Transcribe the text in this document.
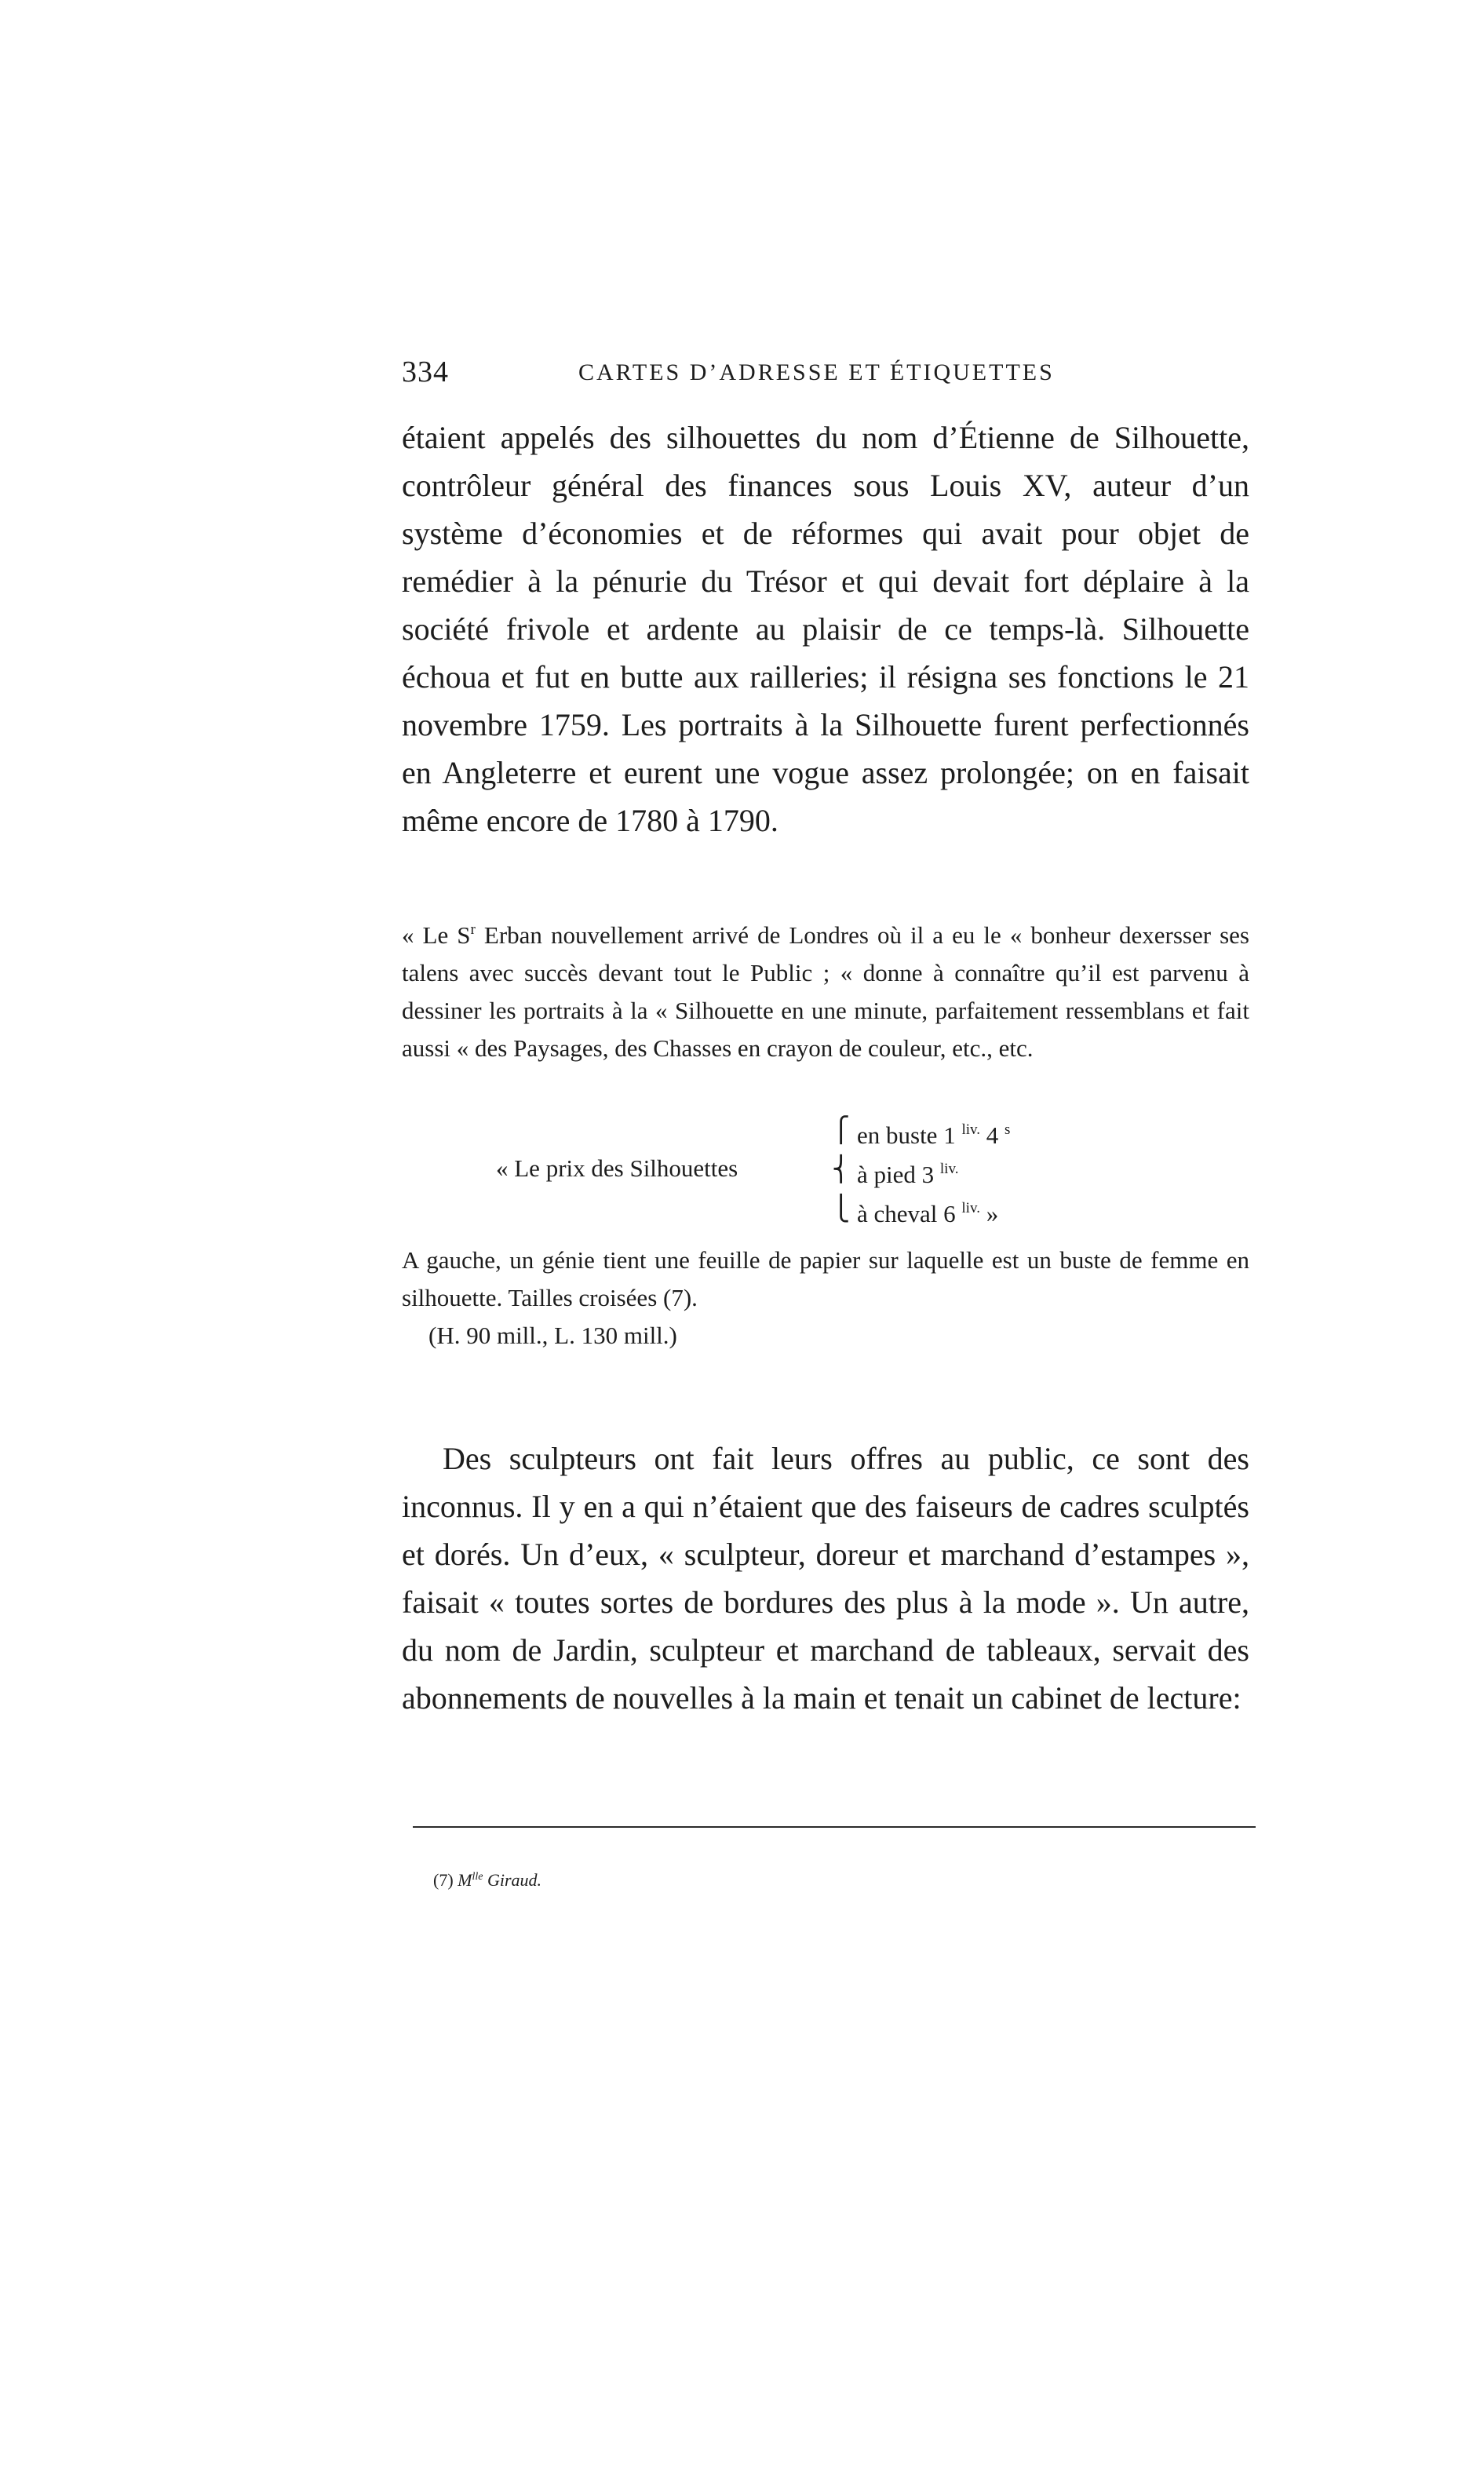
334	CARTES D’ADRESSE ET ÉTIQUETTES

étaient appelés des silhouettes du nom d’Étienne de Silhouette, contrôleur général des finances sous Louis XV, auteur d’un système d’économies et de réformes qui avait pour objet de remédier à la pénurie du Trésor et qui devait fort déplaire à la société frivole et ardente au plaisir de ce temps-là. Silhouette échoua et fut en butte aux railleries; il résigna ses fonctions le 21 novembre 1759. Les portraits à la Silhouette furent perfectionnés en Angleterre et eurent une vogue assez prolongée; on en faisait même encore de 1780 à 1790.

« Le $S^r$ Erban nouvellement arrivé de Londres où il a eu le « bonheur dexersser ses talens avec succès devant tout le Public ; « donne à connaître qu’il est parvenu à dessiner les portraits à la « Silhouette en une minute, parfaitement ressemblans et fait aussi « des Paysages, des Chasses en crayon de couleur, etc., etc.

« Le prix des Silhouettes
⎧
⎨
⎩
en buste 1 $^{liv.}$ 4 $^s$
à pied 3 $^{liv.}$
à cheval 6 $^{liv.}$ »

A gauche, un génie tient une feuille de papier sur laquelle est un buste de femme en silhouette. Tailles croisées (7).

(H. 90 mill., L. 130 mill.)

Des sculpteurs ont fait leurs offres au public, ce sont des inconnus. Il y en a qui n’étaient que des faiseurs de cadres sculptés et dorés. Un d’eux, « sculpteur, doreur et marchand d’estampes », faisait « toutes sortes de bordures des plus à la mode ». Un autre, du nom de Jardin, sculpteur et marchand de tableaux, servait des abonnements de nouvelles à la main et tenait un cabinet de lecture:

(7) $M^{lle}$ Giraud.
